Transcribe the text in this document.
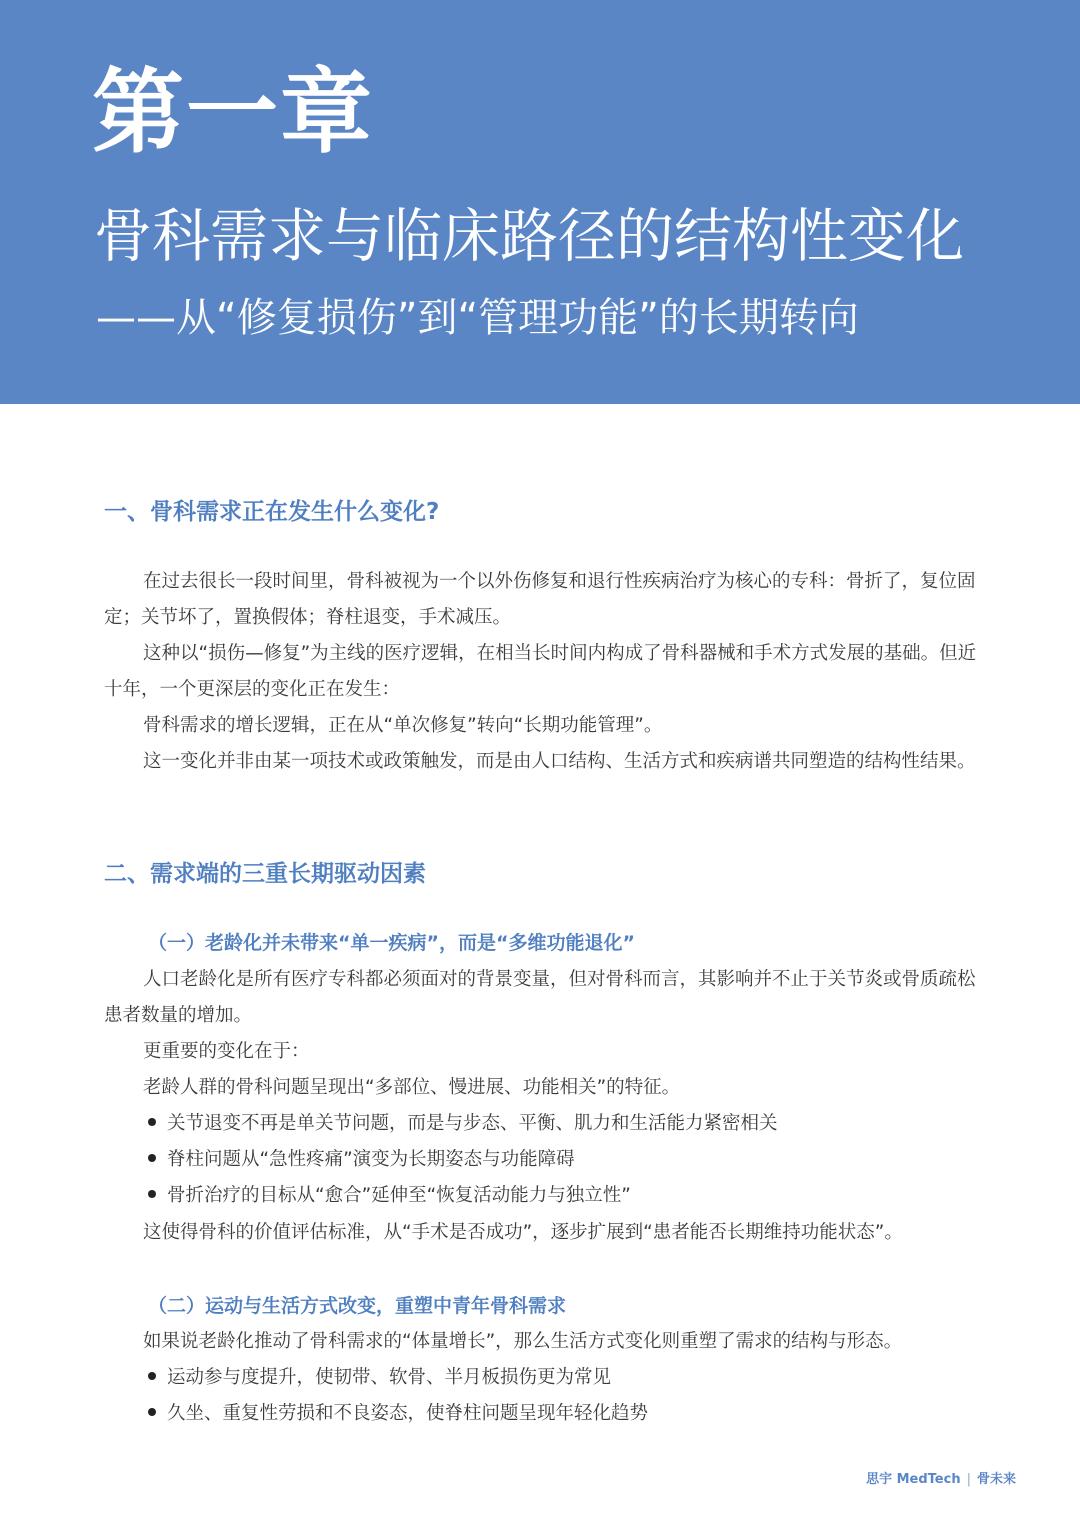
第一章
骨科需求与临床路径的结构性变化
——从“修复损伤”到“管理功能”的长期转向
一、骨科需求正在发生什么变化?

在过去很长一段时间里，骨科被视为一个以外伤修复和退行性疾病治疗为核心的专科：骨折了，复位固定；关节坏了，置换假体；脊柱退变，手术减压。

这种以“损伤—修复”为主线的医疗逻辑，在相当长时间内构成了骨科器械和手术方式发展的基础。但近十年，一个更深层的变化正在发生：

骨科需求的增长逻辑，正在从“单次修复”转向“长期功能管理”。

这一变化并非由某一项技术或政策触发，而是由人口结构、生活方式和疾病谱共同塑造的结构性结果。

二、需求端的三重长期驱动因素
（一）老龄化并未带来“单一疾病”，而是“多维功能退化”

人口老龄化是所有医疗专科都必须面对的背景变量，但对骨科而言，其影响并不止于关节炎或骨质疏松患者数量的增加。

更重要的变化在于：

老龄人群的骨科问题呈现出“多部位、慢进展、功能相关”的特征。

关节退变不再是单关节问题，而是与步态、平衡、肌力和生活能力紧密相关
脊柱问题从“急性疼痛”演变为长期姿态与功能障碍
骨折治疗的目标从“愈合”延伸至“恢复活动能力与独立性”

这使得骨科的价值评估标准，从“手术是否成功”，逐步扩展到“患者能否长期维持功能状态”。

（二）运动与生活方式改变，重塑中青年骨科需求

如果说老龄化推动了骨科需求的“体量增长”，那么生活方式变化则重塑了需求的结构与形态。

运动参与度提升，使韧带、软骨、半月板损伤更为常见
久坐、重复性劳损和不良姿态，使脊柱问题呈现年轻化趋势
思宇 MedTech | 骨未来
